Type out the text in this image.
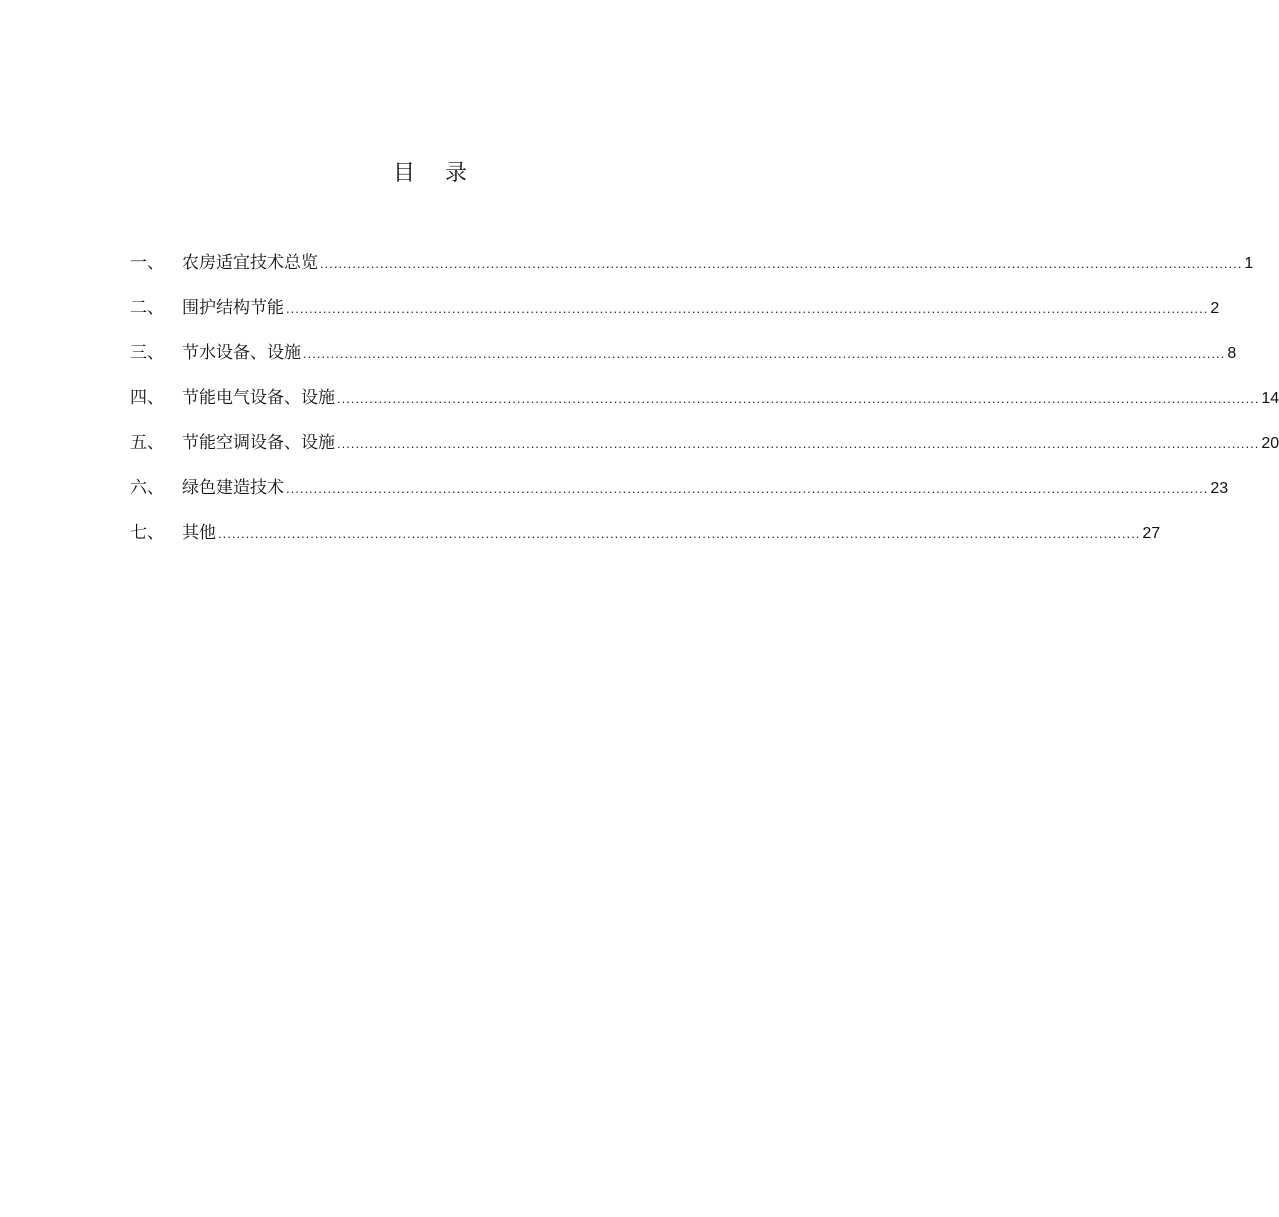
目 录
一、	农房适宜技术总览 ........................................................................................................................................................................................................ 1
二、	围护结构节能 ........................................................................................................................................................................................................ 2
三、	节水设备、设施 ........................................................................................................................................................................................................ 8
四、	节能电气设备、设施 ........................................................................................................................................................................................................ 14
五、	节能空调设备、设施 ........................................................................................................................................................................................................ 20
六、	绿色建造技术 ........................................................................................................................................................................................................ 23
七、	其他 ........................................................................................................................................................................................................ 27
